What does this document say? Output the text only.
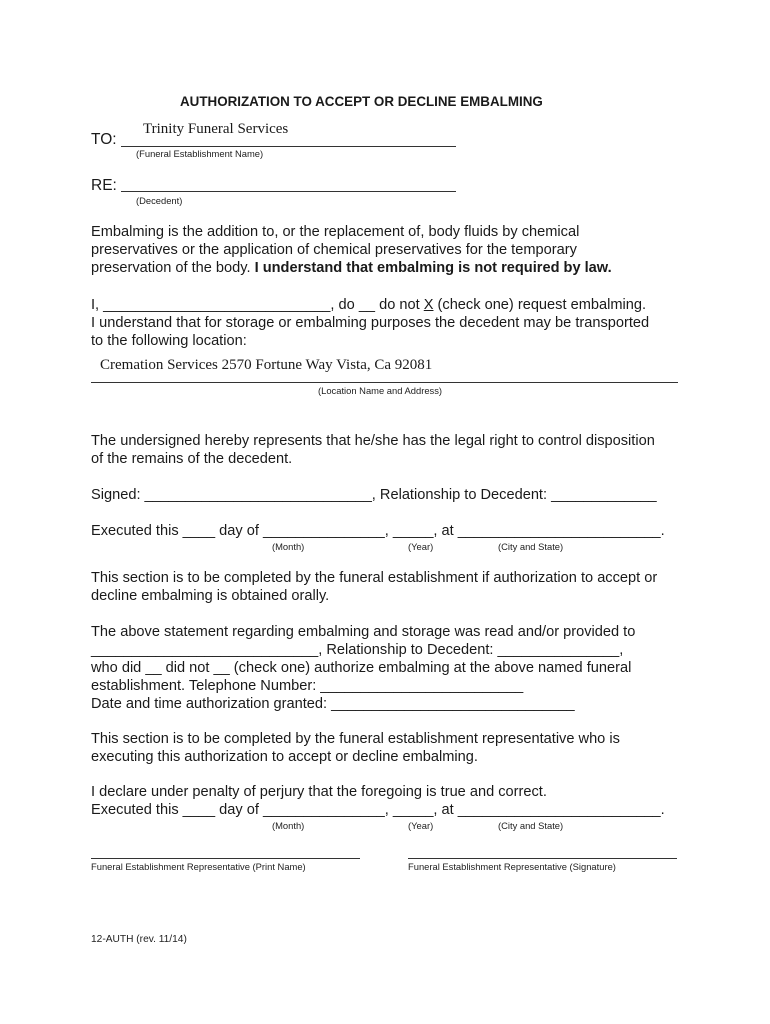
AUTHORIZATION TO ACCEPT OR DECLINE EMBALMING
TO:
Trinity Funeral Services
(Funeral Establishment Name)
RE:
(Decedent)
Embalming is the addition to, or the replacement of, body fluids by chemical
preservatives or the application of chemical preservatives for the temporary
preservation of the body. I understand that embalming is not required by law.
I, ____________________________, do __ do not X (check one) request embalming.
I understand that for storage or embalming purposes the decedent may be transported
to the following location:
Cremation Services 2570 Fortune Way Vista, Ca 92081
(Location Name and Address)
The undersigned hereby represents that he/she has the legal right to control disposition
of the remains of the decedent.
Signed: ____________________________, Relationship to Decedent: _____________
Executed this ____ day of _______________, _____, at _________________________.
(Month)	(Year)	(City and State)
This section is to be completed by the funeral establishment if authorization to accept or
decline embalming is obtained orally.
The above statement regarding embalming and storage was read and/or provided to
____________________________, Relationship to Decedent: _______________,
who did __ did not __ (check one) authorize embalming at the above named funeral
establishment. Telephone Number: _________________________
Date and time authorization granted: ______________________________
This section is to be completed by the funeral establishment representative who is
executing this authorization to accept or decline embalming.
I declare under penalty of perjury that the foregoing is true and correct.
Executed this ____ day of _______________, _____, at _________________________.
(Month)	(Year)	(City and State)
Funeral Establishment Representative (Print Name)	Funeral Establishment Representative (Signature)
12-AUTH (rev. 11/14)
